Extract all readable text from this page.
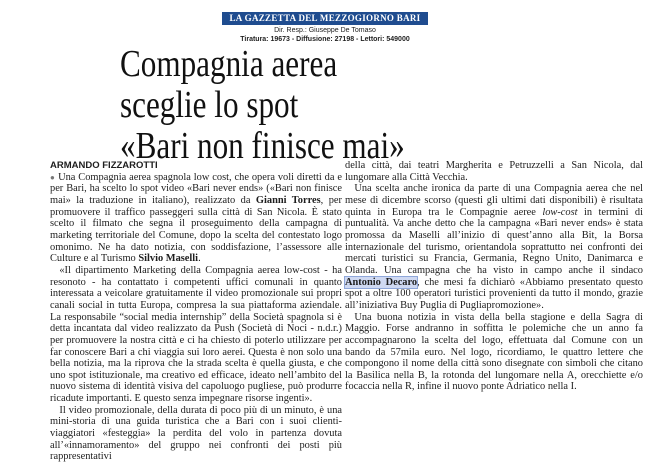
LA GAZZETTA DEL MEZZOGIORNO BARI
Dir. Resp.: Giuseppe De Tomaso
Tiratura: 19673 - Diffusione: 27198 - Lettori: 549000
Compagnia aerea
sceglie lo spot
«Bari non finisce mai»
ARMANDO FIZZAROTTI

● Una Compagnia aerea spagnola low cost, che opera voli diretti da e per Bari, ha scelto lo spot video «Bari never ends» («Bari non finisce mai» la traduzione in italiano), realizzato da Gianni Torres, per promuovere il traffico passeggeri sulla città di San Nicola. È stato scelto il filmato che segna il proseguimento della campagna di marketing territoriale del Comune, dopo la scelta del contestato logo omonimo. Ne ha dato notizia, con soddisfazione, l’assessore alle Culture e al Turismo Silvio Maselli.

«Il dipartimento Marketing della Compagnia aerea low-cost - ha resonoto - ha contattato i competenti uffici comunali in quanto interessata a veicolare gratuitamente il video promozionale sui propri canali social in tutta Europa, compresa la sua piattaforma aziendale. La responsabile “social media internship” della Società spagnola si è detta incantata dal video realizzato da Push (Società di Noci - n.d.r.) per promuovere la nostra città e ci ha chiesto di poterlo utilizzare per far conoscere Bari a chi viaggia sui loro aerei. Questa è non solo una bella notizia, ma la riprova che la strada scelta è quella giusta, e che uno spot istituzionale, ma creativo ed efficace, ideato nell’ambito del nuovo sistema di identità visiva del capoluogo pugliese, può produrre ricadute importanti. E questo senza impegnare risorse ingenti».

Il video promozionale, della durata di poco più di un minuto, è una mini-storia di una guida turistica che a Bari con i suoi clienti-viaggiatori «festeggia» la perdita del volo in partenza dovuta all’«innamoramento» del gruppo nei confronti dei posti più rappresentativi

della città, dai teatri Margherita e Petruzzelli a San Nicola, dal lungomare alla Città Vecchia.

Una scelta anche ironica da parte di una Compagnia aerea che nel mese di dicembre scorso (questi gli ultimi dati disponibili) è risultata quinta in Europa tra le Compagnie aeree low-cost in termini di puntualità. Va anche detto che la campagna «Bari never ends» è stata promossa da Maselli all’inizio di quest’anno alla Bit, la Borsa internazionale del turismo, orientandola soprattutto nei confronti dei mercati turistici su Francia, Germania, Regno Unito, Danimarca e Olanda. Una campagna che ha visto in campo anche il sindaco Antonio Decaro, che mesi fa dichiarò «Abbiamo presentato questo spot a oltre 100 operatori turistici provenienti da tutto il mondo, grazie all’iniziativa Buy Puglia di Pugliapromozione».

Una buona notizia in vista della bella stagione e della Sagra di Maggio. Forse andranno in soffitta le polemiche che un anno fa accompagnarono la scelta del logo, effettuata dal Comune con un bando da 57mila euro. Nel logo, ricordiamo, le quattro lettere che compongono il nome della città sono disegnate con simboli che citano la Basilica nella B, la rotonda del lungomare nella A, orecchiette e/o focaccia nella R, infine il nuovo ponte Adriatico nella I.
